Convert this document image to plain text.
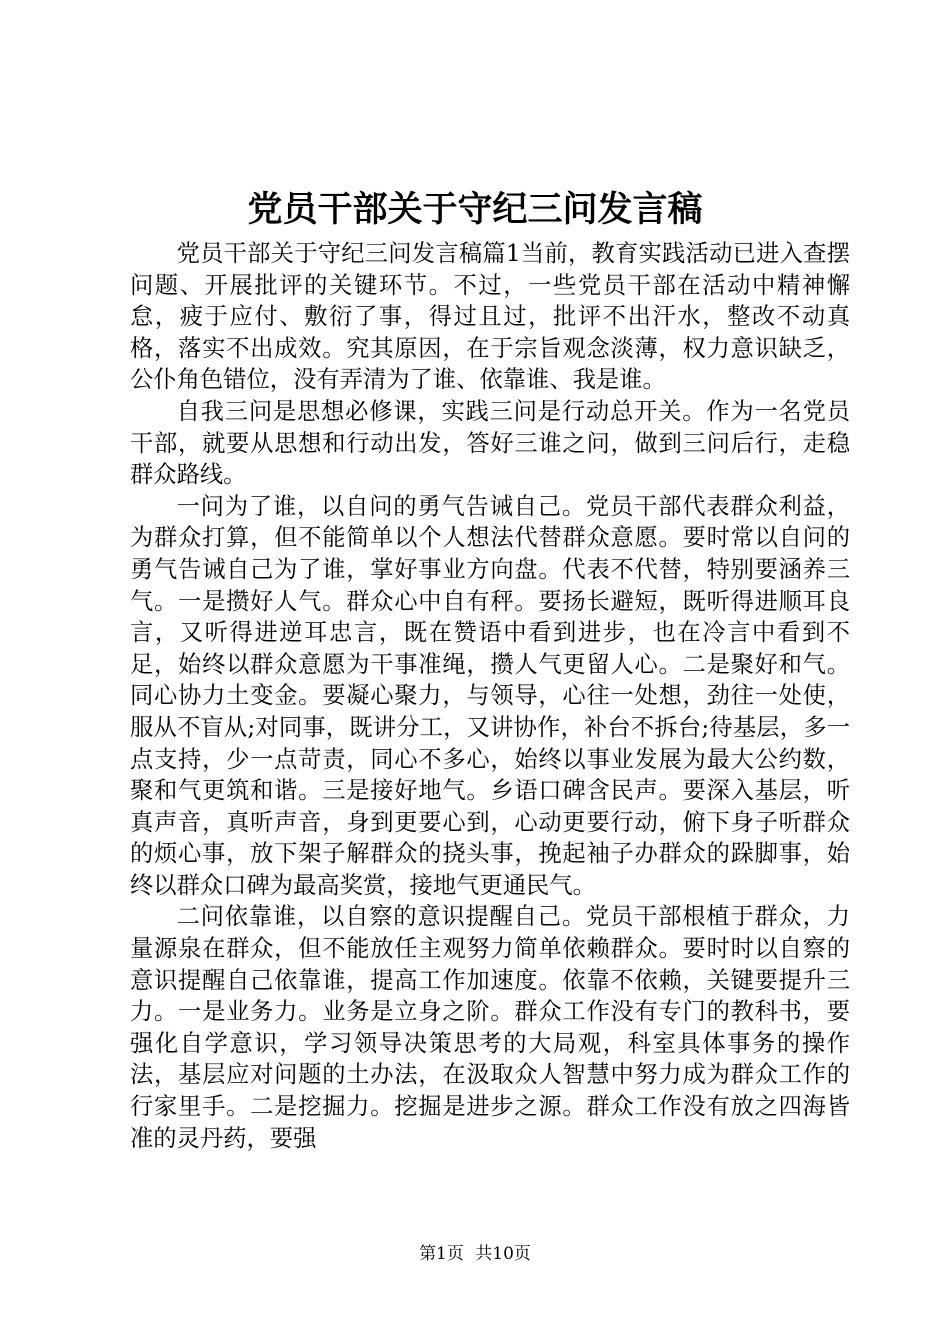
党员干部关于守纪三问发言稿

党员干部关于守纪三问发言稿篇1当前，教育实践活动已进入查摆问题、开展批评的关键环节。不过，一些党员干部在活动中精神懈怠，疲于应付、敷衍了事，得过且过，批评不出汗水，整改不动真格，落实不出成效。究其原因，在于宗旨观念淡薄，权力意识缺乏，公仆角色错位，没有弄清为了谁、依靠谁、我是谁。

自我三问是思想必修课，实践三问是行动总开关。作为一名党员干部，就要从思想和行动出发，答好三谁之问，做到三问后行，走稳群众路线。

一问为了谁，以自问的勇气告诫自己。党员干部代表群众利益，为群众打算，但不能简单以个人想法代替群众意愿。要时常以自问的勇气告诫自己为了谁，掌好事业方向盘。代表不代替，特别要涵养三气。一是攒好人气。群众心中自有秤。要扬长避短，既听得进顺耳良言，又听得进逆耳忠言，既在赞语中看到进步，也在冷言中看到不足，始终以群众意愿为干事准绳，攒人气更留人心。二是聚好和气。同心协力土变金。要凝心聚力，与领导，心往一处想，劲往一处使，服从不盲从;对同事，既讲分工，又讲协作，补台不拆台;待基层，多一点支持，少一点苛责，同心不多心，始终以事业发展为最大公约数，聚和气更筑和谐。三是接好地气。乡语口碑含民声。要深入基层，听真声音，真听声音，身到更要心到，心动更要行动，俯下身子听群众的烦心事，放下架子解群众的挠头事，挽起袖子办群众的跺脚事，始终以群众口碑为最高奖赏，接地气更通民气。

二问依靠谁，以自察的意识提醒自己。党员干部根植于群众，力量源泉在群众，但不能放任主观努力简单依赖群众。要时时以自察的意识提醒自己依靠谁，提高工作加速度。依靠不依赖，关键要提升三力。一是业务力。业务是立身之阶。群众工作没有专门的教科书，要强化自学意识，学习领导决策思考的大局观，科室具体事务的操作法，基层应对问题的土办法，在汲取众人智慧中努力成为群众工作的行家里手。二是挖掘力。挖掘是进步之源。群众工作没有放之四海皆准的灵丹药，要强

第1页 共10页
